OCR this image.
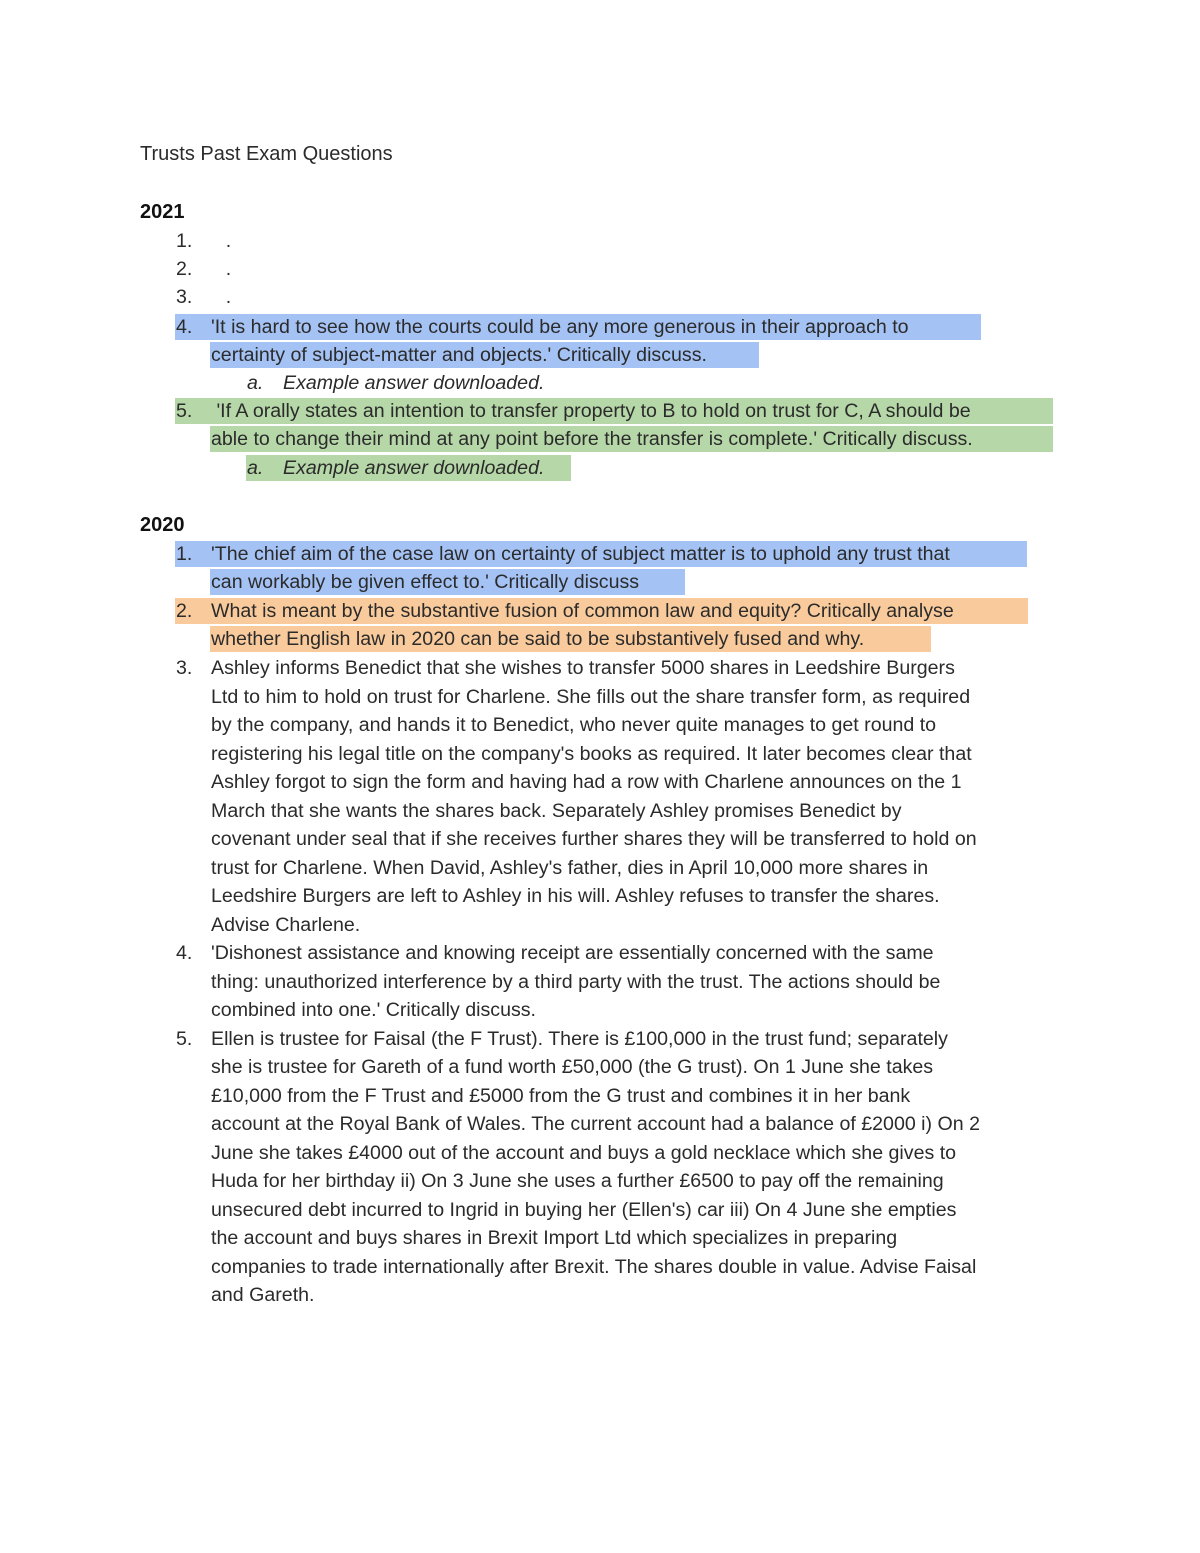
Trusts Past Exam Questions
2021
1. .
2. .
3. .
4. 'It is hard to see how the courts could be any more generous in their approach to
certainty of subject-matter and objects.' Critically discuss.
a. Example answer downloaded.
5. 'If A orally states an intention to transfer property to B to hold on trust for C, A should be
able to change their mind at any point before the transfer is complete.' Critically discuss.
a. Example answer downloaded.
2020
1. 'The chief aim of the case law on certainty of subject matter is to uphold any trust that
can workably be given effect to.' Critically discuss
2. What is meant by the substantive fusion of common law and equity? Critically analyse
whether English law in 2020 can be said to be substantively fused and why.
3. Ashley informs Benedict that she wishes to transfer 5000 shares in Leedshire Burgers
Ltd to him to hold on trust for Charlene. She fills out the share transfer form, as required
by the company, and hands it to Benedict, who never quite manages to get round to
registering his legal title on the company's books as required. It later becomes clear that
Ashley forgot to sign the form and having had a row with Charlene announces on the 1
March that she wants the shares back. Separately Ashley promises Benedict by
covenant under seal that if she receives further shares they will be transferred to hold on
trust for Charlene. When David, Ashley's father, dies in April 10,000 more shares in
Leedshire Burgers are left to Ashley in his will. Ashley refuses to transfer the shares.
Advise Charlene.
4. 'Dishonest assistance and knowing receipt are essentially concerned with the same
thing: unauthorized interference by a third party with the trust. The actions should be
combined into one.' Critically discuss.
5. Ellen is trustee for Faisal (the F Trust). There is £100,000 in the trust fund; separately
she is trustee for Gareth of a fund worth £50,000 (the G trust). On 1 June she takes
£10,000 from the F Trust and £5000 from the G trust and combines it in her bank
account at the Royal Bank of Wales. The current account had a balance of £2000 i) On 2
June she takes £4000 out of the account and buys a gold necklace which she gives to
Huda for her birthday ii) On 3 June she uses a further £6500 to pay off the remaining
unsecured debt incurred to Ingrid in buying her (Ellen's) car iii) On 4 June she empties
the account and buys shares in Brexit Import Ltd which specializes in preparing
companies to trade internationally after Brexit. The shares double in value. Advise Faisal
and Gareth.
